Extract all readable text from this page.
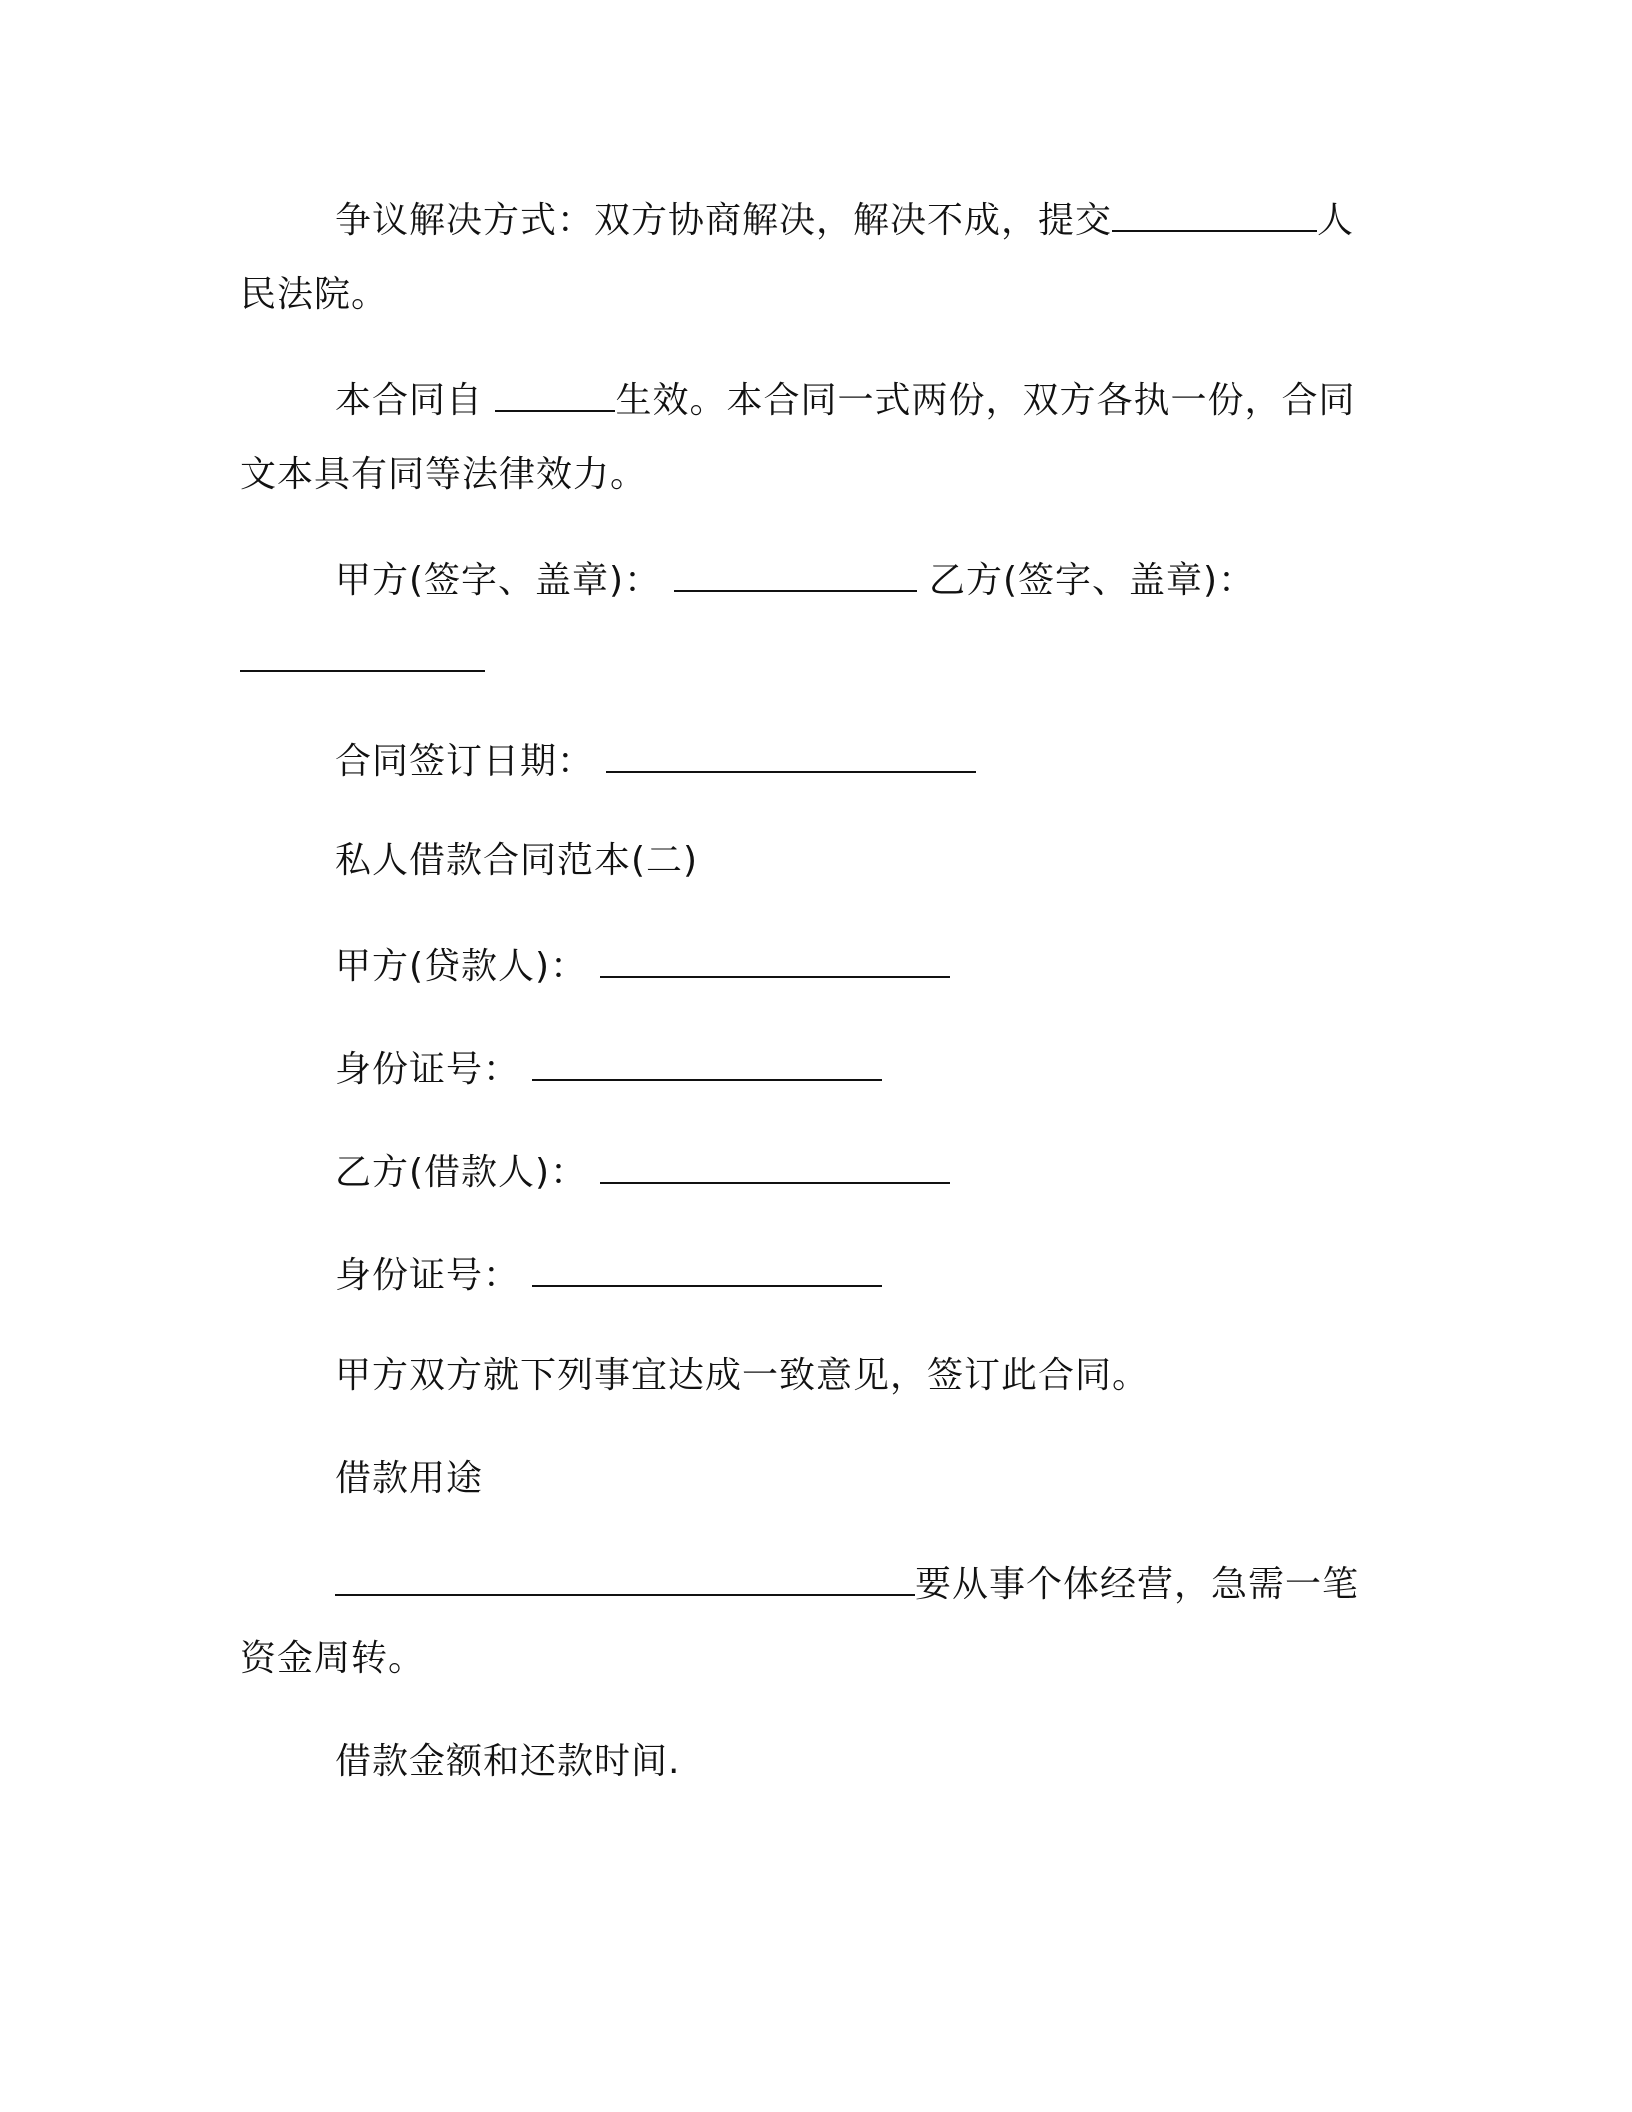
争议解决方式：双方协商解决，解决不成，提交	人
民法院。
本合同自	生效。本合同一式两份，双方各执一份，合同
文本具有同等法律效力。
甲方(签字、盖章)：	乙方(签字、盖章)：
合同签订日期：
私人借款合同范本(二)
甲方(贷款人)：
身份证号：
乙方(借款人)：
身份证号：
甲方双方就下列事宜达成一致意见，签订此合同。
借款用途
要从事个体经营，急需一笔
资金周转。
借款金额和还款时间.
